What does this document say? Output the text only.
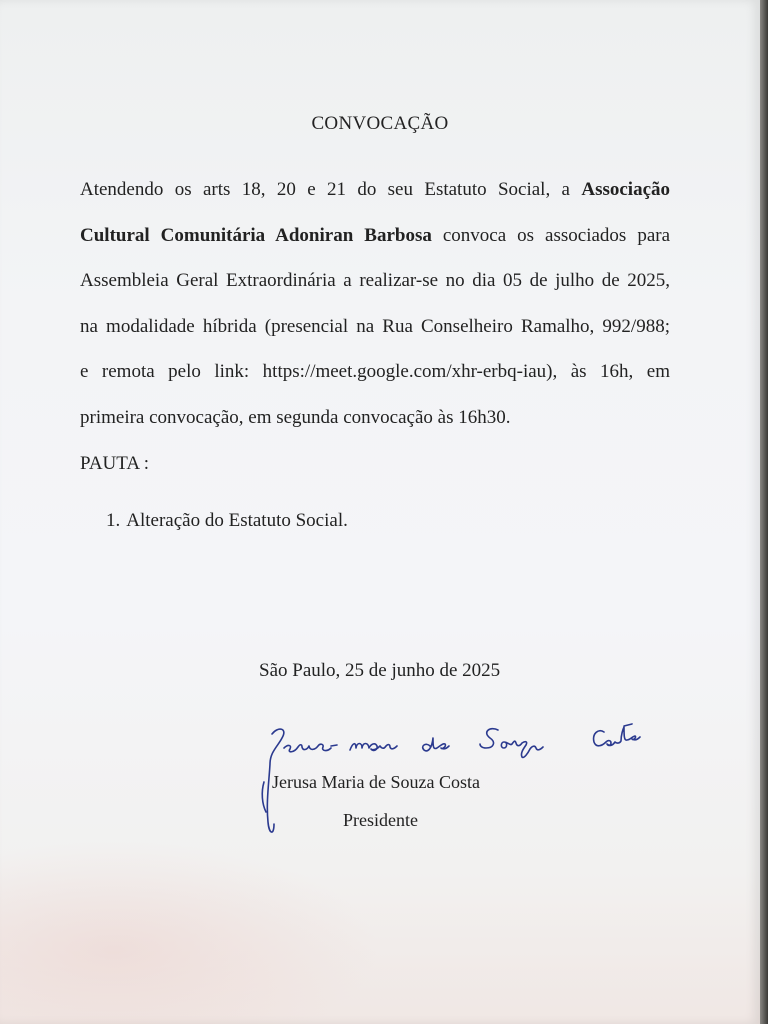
CONVOCAÇÃO
Atendendo os arts 18, 20 e 21 do seu Estatuto Social, a Associação
Cultural Comunitária Adoniran Barbosa convoca os associados para
Assembleia Geral Extraordinária a realizar-se no dia 05 de julho de 2025,
na modalidade híbrida (presencial na Rua Conselheiro Ramalho, 992/988;
e remota pelo link: https://meet.google.com/xhr-erbq-iau), às 16h, em
primeira convocação, em segunda convocação às 16h30.
PAUTA :
1. Alteração do Estatuto Social.
São Paulo, 25 de junho de 2025
Jerusa Maria de Souza Costa
Presidente
